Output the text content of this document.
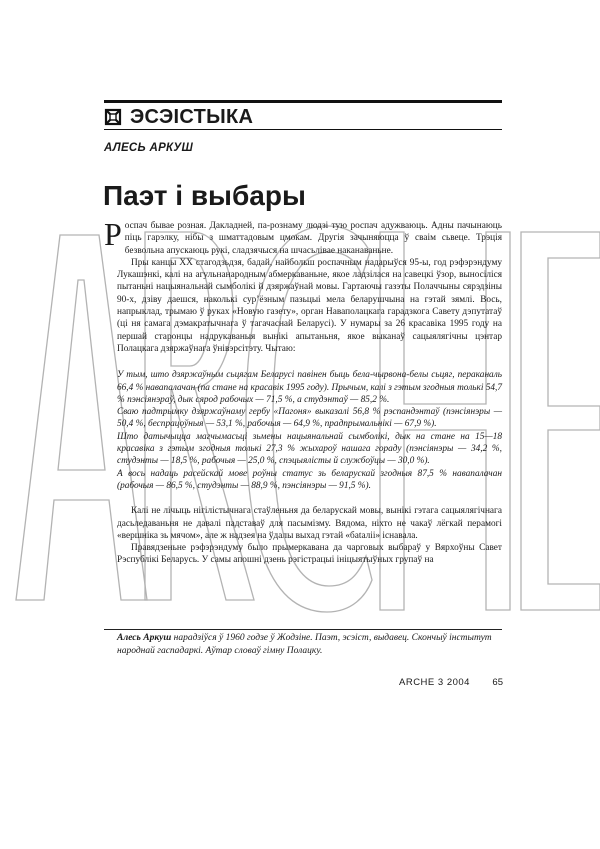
ЭСЭІСТЫКА
АЛЕСЬ АРКУШ
Паэт і выбары

Роспач бывае розная. Дакладней, па-рознаму людзі тую роспач адужваюць. Адны пачынаюць піць гарэлку, нібы з шматтадовым цмокам. Другія зачыняюцца ў сваім сьвеце. Трэція безвольна апускаюць рукі, сладзячыся на шчасьлівае наканаваньне.

Пры канцы ХХ стагодзьдзя, бадай, найбольш роспачным надарыўся 95-ы, год рэфэрэндуму Лукашэнкі, калі на агульнанародным абмеркаваньне, якое ладзілася на савецкі ўзор, выносіліся пытаньні нацыянальнай сымболікі й дзяржаўнай мовы. Гартаючы газэты Полаччыны сярэдзіны 90-х, дзіву даешся, наколькі сур’ёзным пазьцыі мела беларушчына на гэтай зямлі. Вось, напрыклад, трымаю ў руках «Новую газету», орган Наваполацкага гарадзкога Савету дэпутатаў (ці ня самага дэмакратычнага ў тагачаснай Беларусі). У нумары за 26 красавіка 1995 году на першай старонцы надрукаваныя вынікі апытаньня, якое выканаў сацыялягічны цэнтар Полацкага дзяржаўнага ўнівэрсітэту. Чытаю:

У тым, што дзяржаўным сьцягам Беларусі павінен быць бела-чырвона-белы сьцяг, пераканаль 66,4 % навапалачан (па стане на красавік 1995 году). Прычым, калі з гэтым згодныя толькі 54,7 % пэнсіянэраў, дык сярод рабочых — 71,5 %, а студэнтаў — 85,2 %.

Сваю падтрымку дзяржаўнаму гербу «Пагоня» выказалі 56,8 % рэспандэнтаў (пэнсіянэры — 50,4 %, беспрацоўныя — 53,1 %, рабочыя — 64,9 %, прадпрымальнікі — 67,9 %).

Што датычыцца магчымасьці зьмены нацыянальнай сымболікі, дык на стане на 15—18 красавіка з гэтым згодныя толькі 27,3 % жыхароў нашага гораду (пэнсіянэры — 34,2 %, студэнты — 18,5 %, рабочыя — 25,0 %, спэцыялісты й службоўцы — 30,0 %).

А вось надаць расейскай мове роўны статус зь беларускай згодныя 87,5 % навапалачан (рабочыя — 86,5 %, студэнты — 88,9 %, пэнсіянэры — 91,5 %).

Калі не лічыць нігілістычнага стаўленьня да беларускай мовы, вынікі гэтага сацыялягічнага дасьледаваньня не давалі падставаў для пасымізму. Вядома, ніхто не чакаў лёгкай перамогі «вершніка зь мячом», але ж надзея на ўдалы выхад гэтай «бataлii» існавала.

Правядзеньне рэфэрэндуму было прымеркавана да чарговых выбараў у Вярхоўны Савет Рэспублікі Беларусь. У самы апошні дзень рэгістрацыі ініцыятыўных групаў на

Алесь Аркуш нарадзіўся ў 1960 годзе ў Жодзіне. Паэт, эсэіст, выдавец. Скончыў інстытут народнай гаспадаркі. Аўтар словаў гімну Полацку.

ARCHE 3 2004 65
